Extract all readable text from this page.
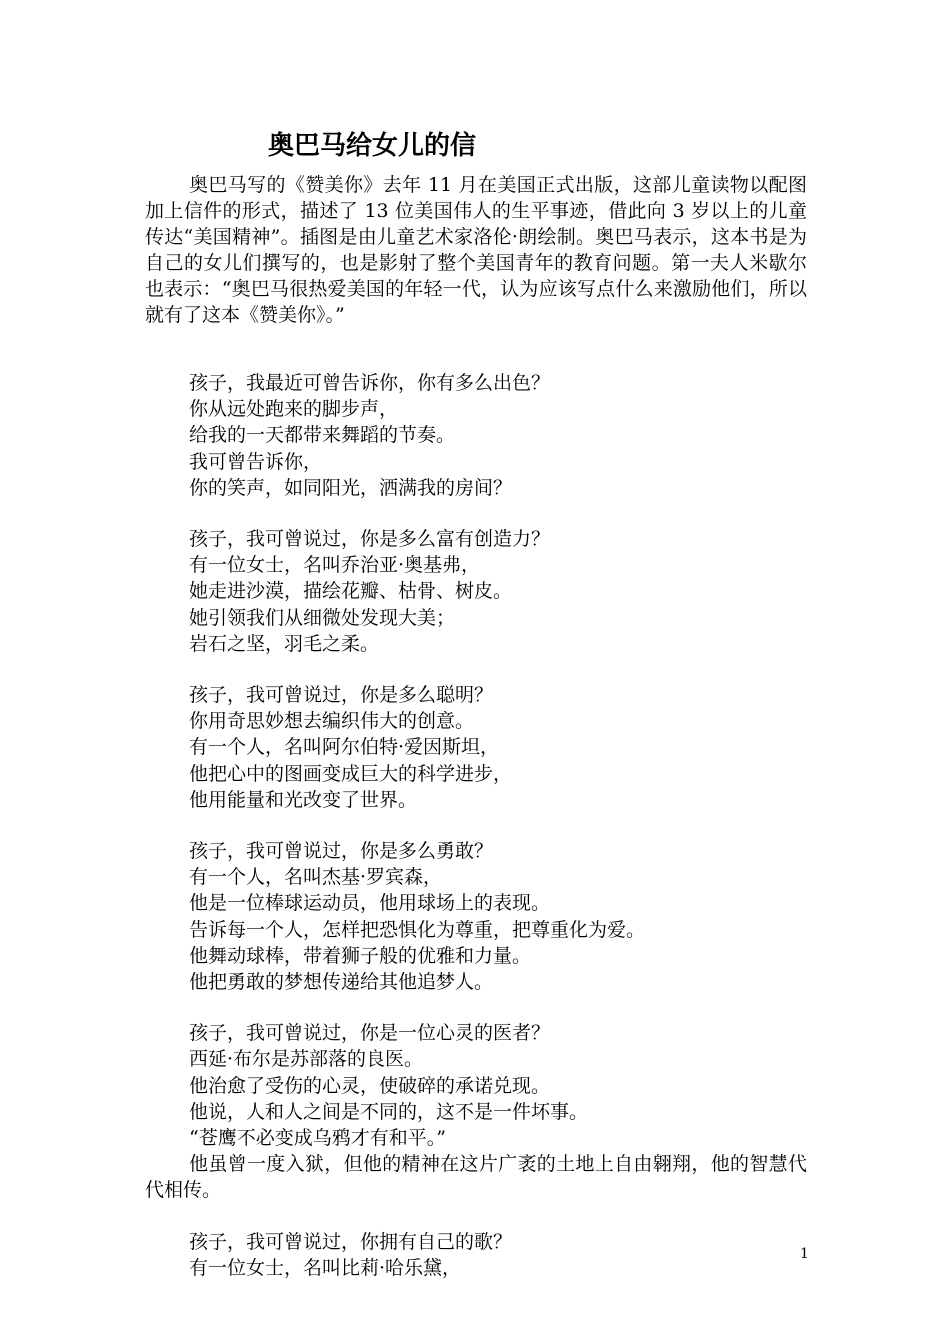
奥巴马给女儿的信

奥巴马写的《赞美你》去年 11 月在美国正式出版，这部儿童读物以配图加上信件的形式，描述了 13 位美国伟人的生平事迹，借此向 3 岁以上的儿童传达“美国精神”。插图是由儿童艺术家洛伦·朗绘制。奥巴马表示，这本书是为自己的女儿们撰写的，也是影射了整个美国青年的教育问题。第一夫人米歇尔也表示：“奥巴马很热爱美国的年轻一代，认为应该写点什么来激励他们，所以就有了这本《赞美你》。”

孩子，我最近可曾告诉你，你有多么出色？

你从远处跑来的脚步声，

给我的一天都带来舞蹈的节奏。

我可曾告诉你，

你的笑声，如同阳光，洒满我的房间？

孩子，我可曾说过，你是多么富有创造力？

有一位女士，名叫乔治亚·奥基弗，

她走进沙漠，描绘花瓣、枯骨、树皮。

她引领我们从细微处发现大美；

岩石之坚，羽毛之柔。

孩子，我可曾说过，你是多么聪明？

你用奇思妙想去编织伟大的创意。

有一个人，名叫阿尔伯特·爱因斯坦，

他把心中的图画变成巨大的科学进步，

他用能量和光改变了世界。

孩子，我可曾说过，你是多么勇敢？

有一个人，名叫杰基·罗宾森，

他是一位棒球运动员，他用球场上的表现。

告诉每一个人，怎样把恐惧化为尊重，把尊重化为爱。

他舞动球棒，带着狮子般的优雅和力量。

他把勇敢的梦想传递给其他追梦人。

孩子，我可曾说过，你是一位心灵的医者？

西延·布尔是苏部落的良医。

他治愈了受伤的心灵，使破碎的承诺兑现。

他说，人和人之间是不同的，这不是一件坏事。

“苍鹰不必变成乌鸦才有和平。”

他虽曾一度入狱，但他的精神在这片广袤的土地上自由翱翔，他的智慧代代相传。

孩子，我可曾说过，你拥有自己的歌？

有一位女士，名叫比莉·哈乐黛，

1
